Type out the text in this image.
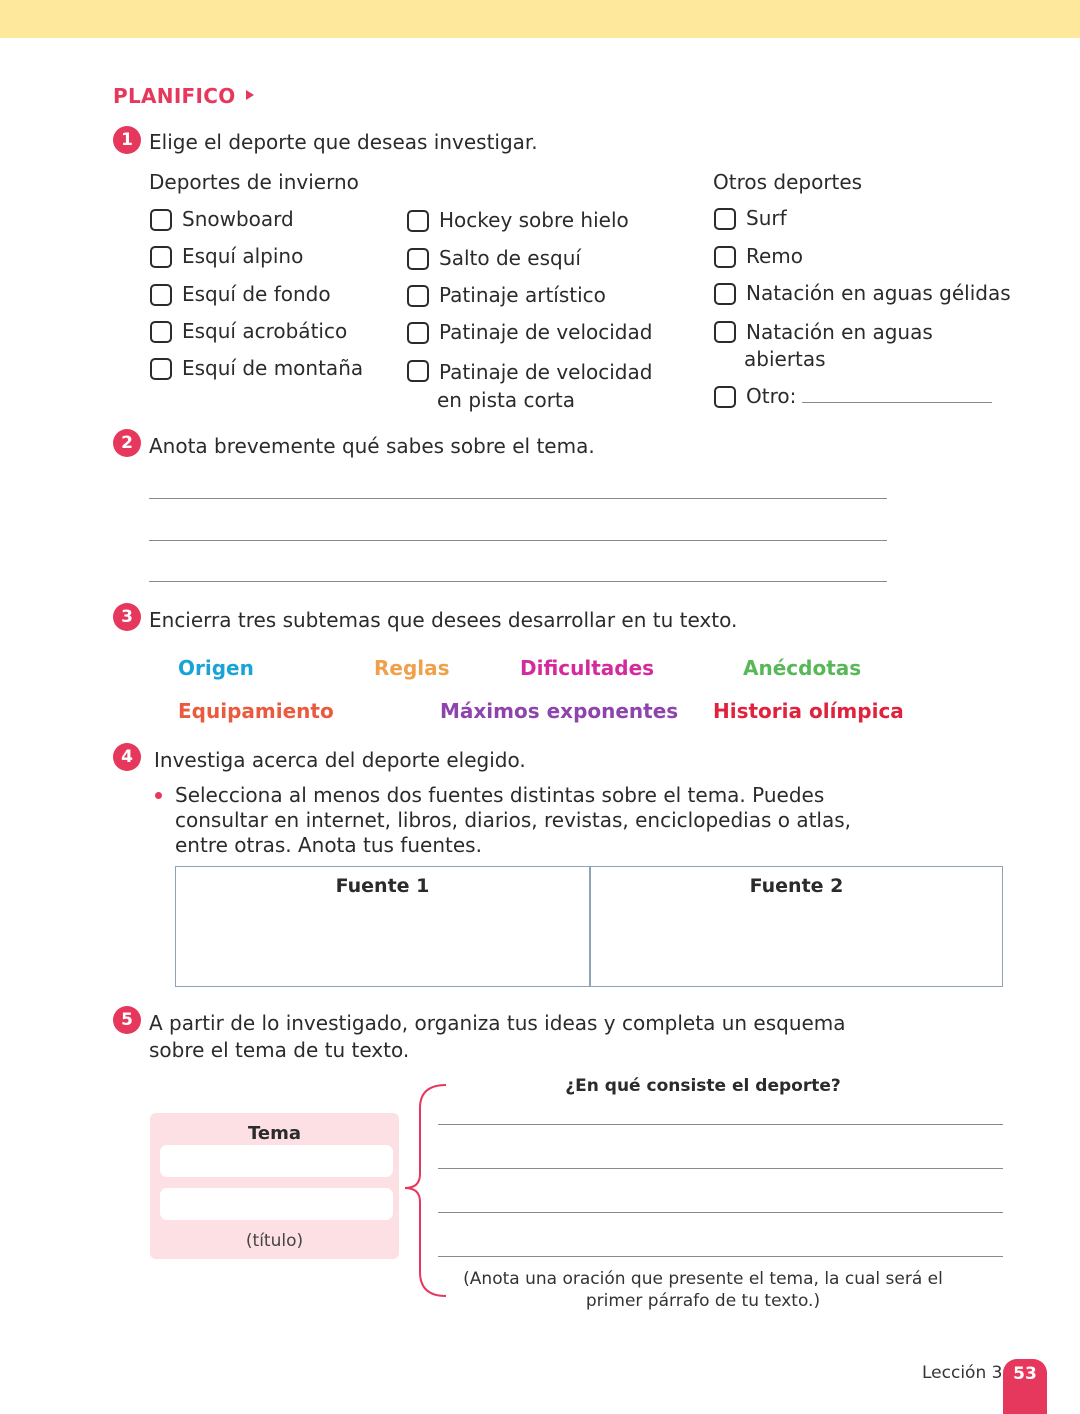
PLANIFICO
1 Elige el deporte que deseas investigar.
Deportes de invierno	Otros deportes
Snowboard
Esquí alpino
Esquí de fondo
Esquí acrobático
Esquí de montaña
Hockey sobre hielo
Salto de esquí
Patinaje artístico
Patinaje de velocidad
Patinaje de velocidad en pista corta
Surf
Remo
Natación en aguas gélidas
Natación en aguas abiertas
Otro:
2 Anota brevemente qué sabes sobre el tema.
3 Encierra tres subtemas que desees desarrollar en tu texto.
Origen	Reglas	Dificultades	Anécdotas
Equipamiento	Máximos exponentes Historia olímpica
4	Investiga acerca del deporte elegido.
Selecciona al menos dos fuentes distintas sobre el tema. Puedes consultar en internet, libros, diarios, revistas, enciclopedias o atlas, entre otras. Anota tus fuentes.
Fuente 1	Fuente 2
5 A partir de lo investigado, organiza tus ideas y completa un esquema sobre el tema de tu texto.
Tema
(título)
¿En qué consiste el deporte?
(Anota una oración que presente el tema, la cual será el primer párrafo de tu texto.)
Lección 3 53
